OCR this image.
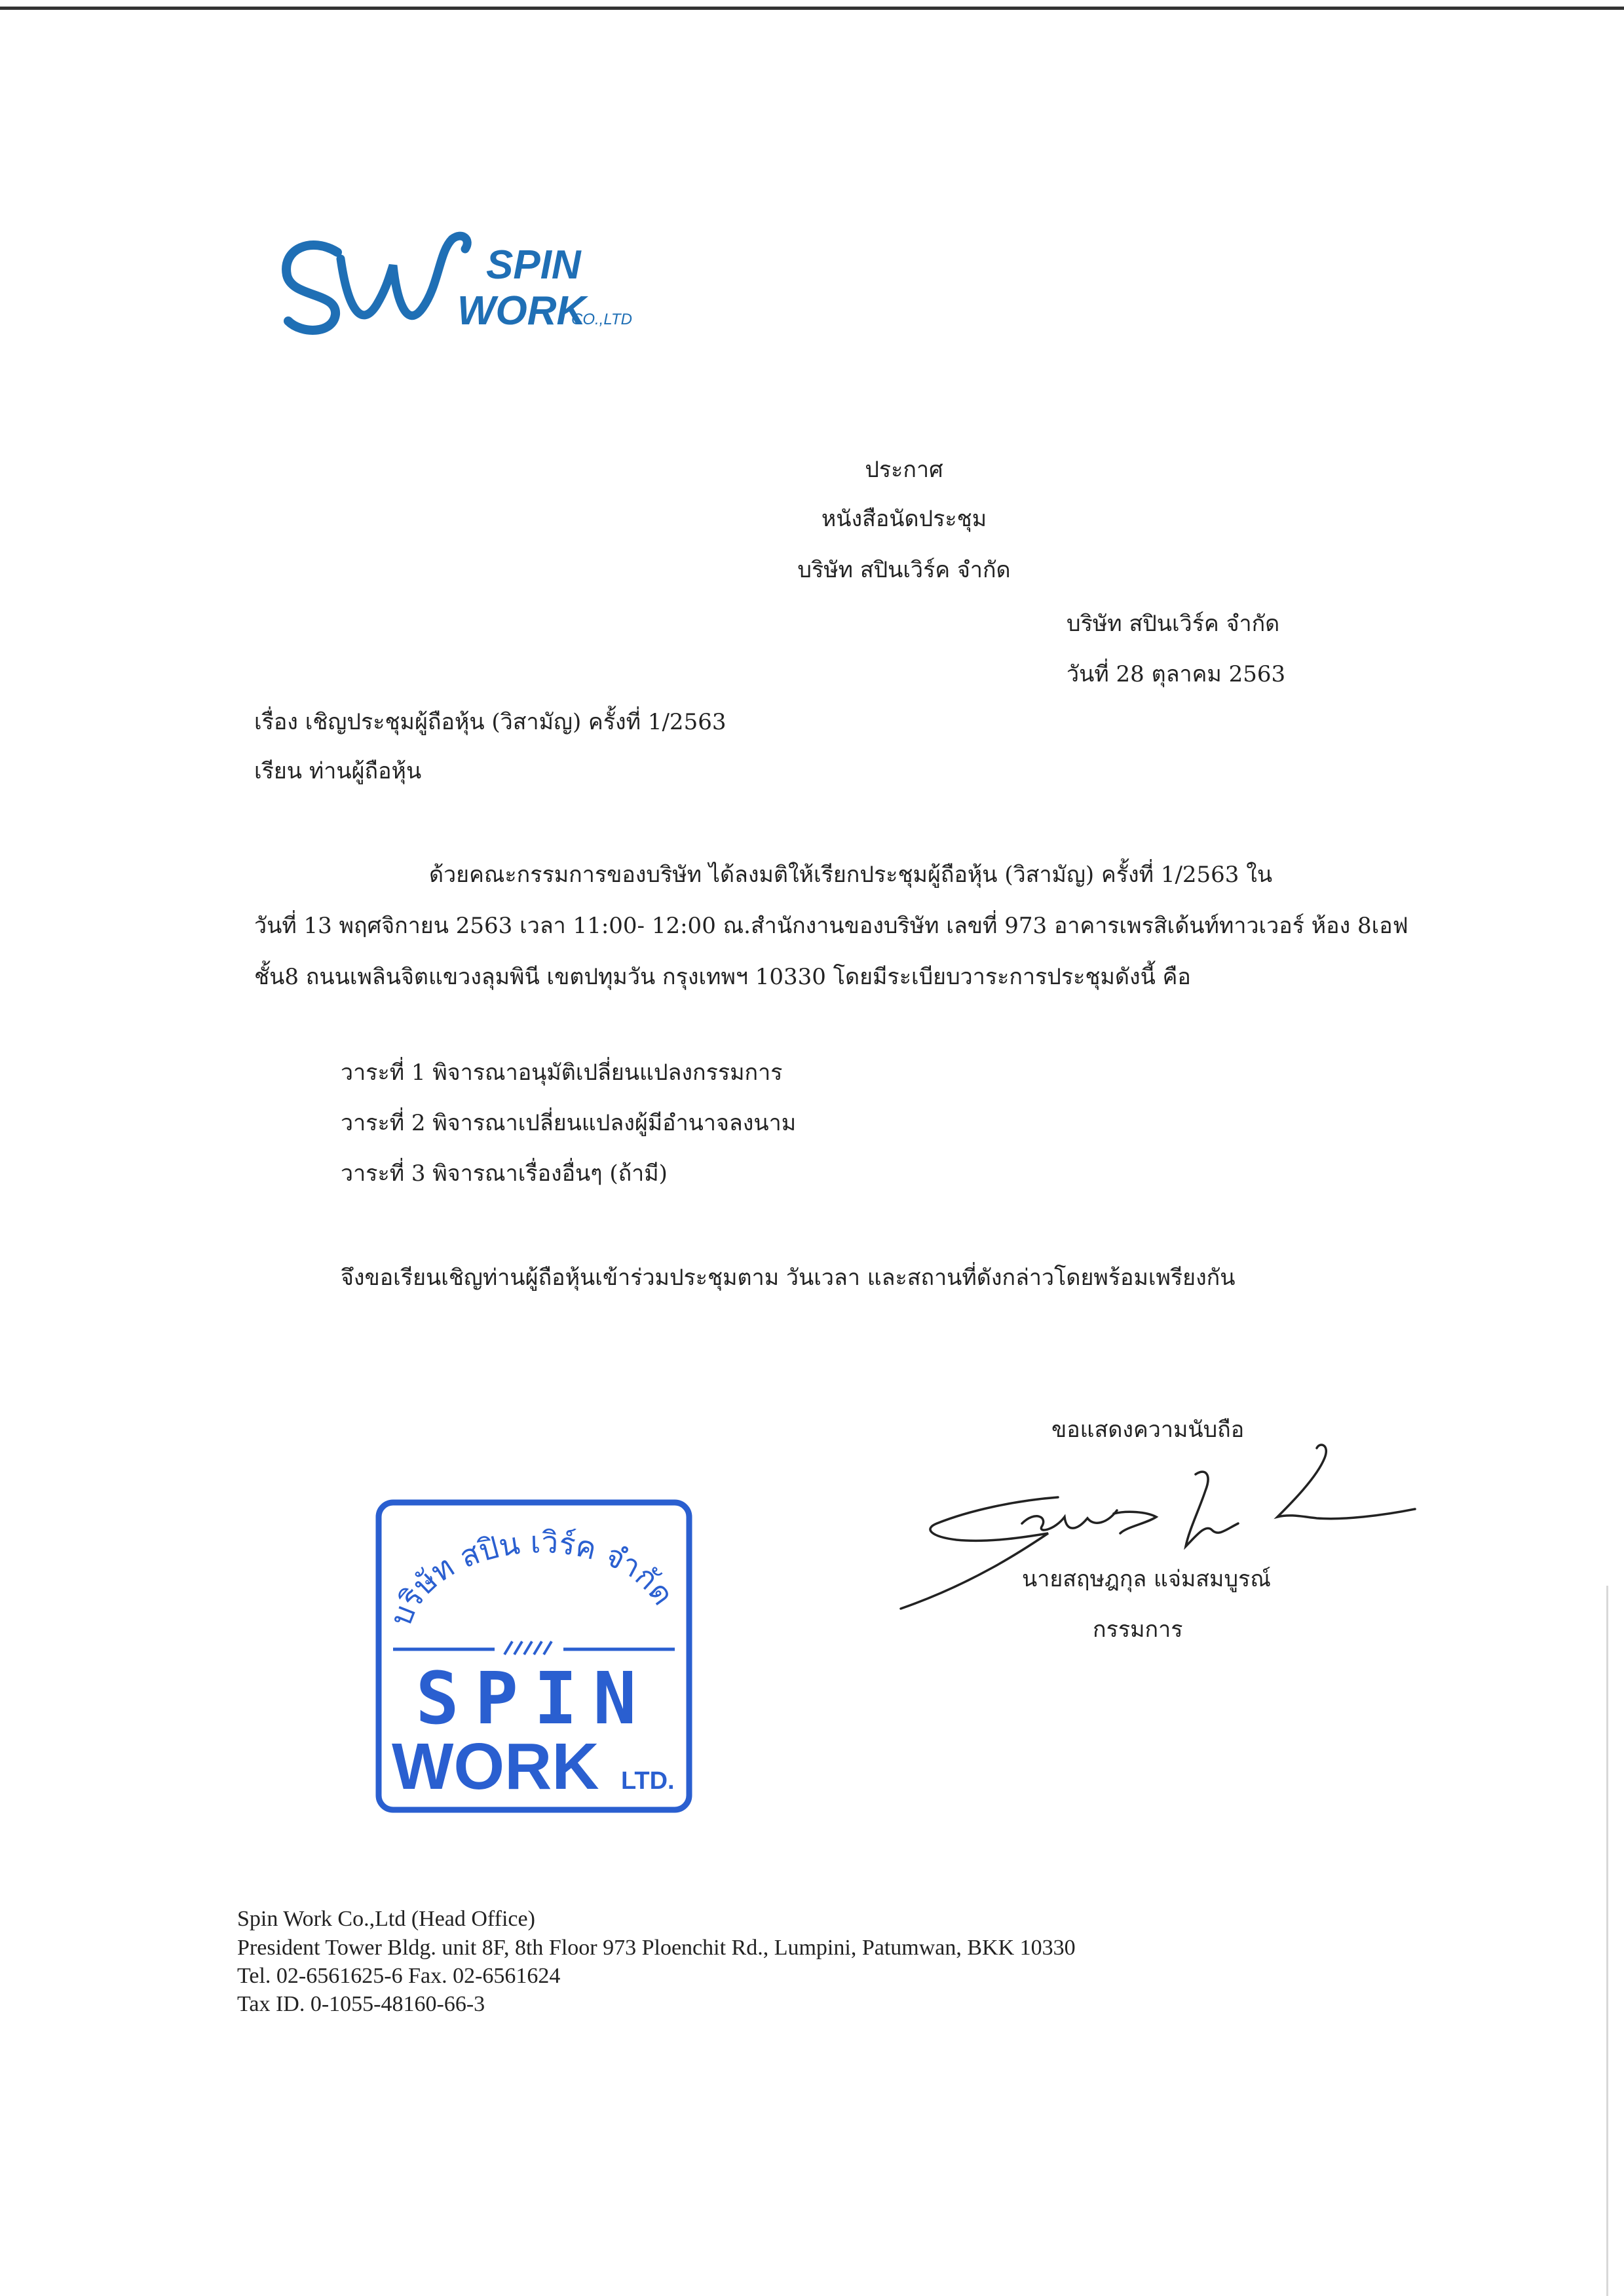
SPIN
WORK
CO.,LTD
ประกาศ
หนังสือนัดประชุม
บริษัท สปินเวิร์ค จำกัด
บริษัท สปินเวิร์ค จำกัด
วันที่ 28 ตุลาคม 2563
เรื่อง เชิญประชุมผู้ถือหุ้น (วิสามัญ) ครั้งที่ 1/2563
เรียน ท่านผู้ถือหุ้น
ด้วยคณะกรรมการของบริษัท ได้ลงมติให้เรียกประชุมผู้ถือหุ้น (วิสามัญ) ครั้งที่ 1/2563 ใน
วันที่ 13 พฤศจิกายน 2563 เวลา 11:00- 12:00 ณ.สำนักงานของบริษัท เลขที่ 973 อาคารเพรสิเด้นท์ทาวเวอร์ ห้อง 8เอฟ
ชั้น8 ถนนเพลินจิตแขวงลุมพินี เขตปทุมวัน กรุงเทพฯ 10330 โดยมีระเบียบวาระการประชุมดังนี้ คือ
วาระที่ 1 พิจารณาอนุมัติเปลี่ยนแปลงกรรมการ
วาระที่ 2 พิจารณาเปลี่ยนแปลงผู้มีอำนาจลงนาม
วาระที่ 3 พิจารณาเรื่องอื่นๆ (ถ้ามี)
จึงขอเรียนเชิญท่านผู้ถือหุ้นเข้าร่วมประชุมตาม วันเวลา และสถานที่ดังกล่าวโดยพร้อมเพรียงกัน
ขอแสดงความนับถือ
นายสฤษฎกุล แจ่มสมบูรณ์
กรรมการ
บริษัท สปิน เวิร์ค จำกัด
SPIN
WORK LTD.
Spin Work Co.,Ltd (Head Office)
President Tower Bldg. unit 8F, 8th Floor 973 Ploenchit Rd., Lumpini, Patumwan, BKK 10330
Tel. 02-6561625-6 Fax. 02-6561624
Tax ID. 0-1055-48160-66-3
